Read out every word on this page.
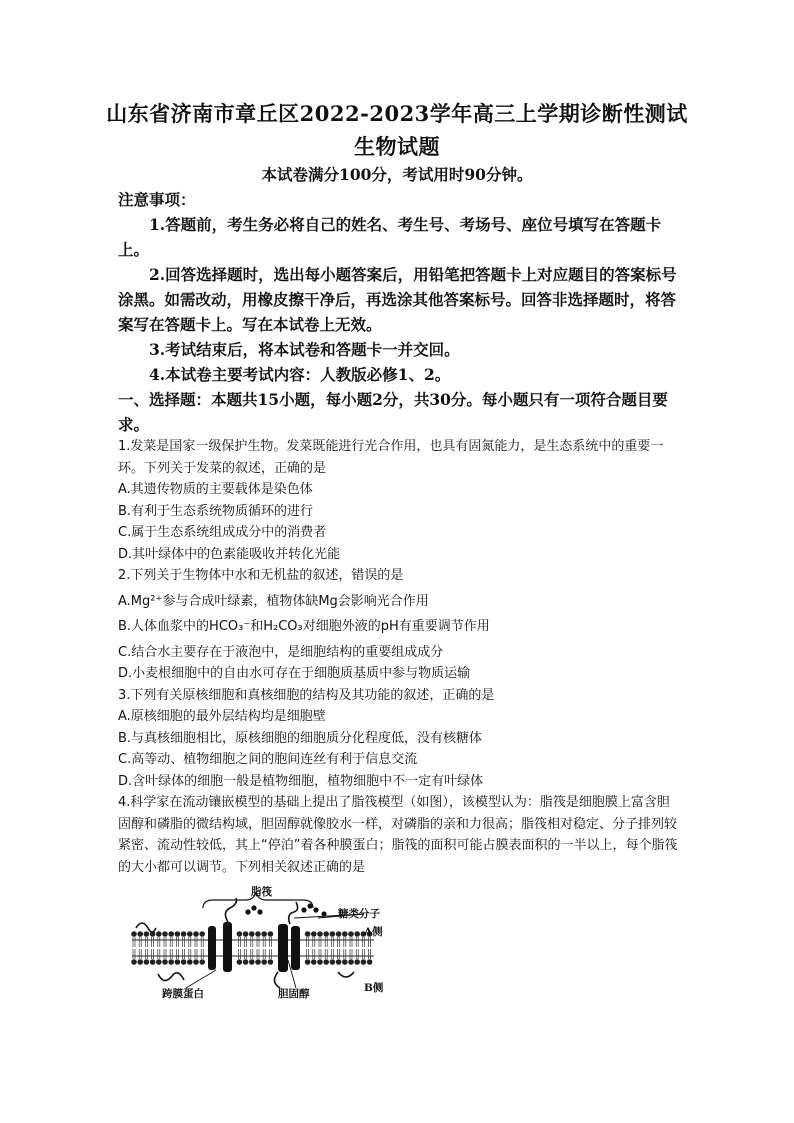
山东省济南市章丘区2022-2023学年高三上学期诊断性测试
生物试题
本试卷满分100分，考试用时90分钟。

注意事项：

1.答题前，考生务必将自己的姓名、考生号、考场号、座位号填写在答题卡上。

2.回答选择题时，选出每小题答案后，用铅笔把答题卡上对应题目的答案标号涂黑。如需改动，用橡皮擦干净后，再选涂其他答案标号。回答非选择题时，将答案写在答题卡上。写在本试卷上无效。

3.考试结束后，将本试卷和答题卡一并交回。

4.本试卷主要考试内容：人教版必修1、2。

一、选择题：本题共15小题，每小题2分，共30分。每小题只有一项符合题目要求。

1.发菜是国家一级保护生物。发菜既能进行光合作用，也具有固氮能力，是生态系统中的重要一环。下列关于发菜的叙述，正确的是

A.其遗传物质的主要载体是染色体

B.有利于生态系统物质循环的进行

C.属于生态系统组成成分中的消费者

D.其叶绿体中的色素能吸收并转化光能

2.下列关于生物体中水和无机盐的叙述，错误的是

A.Mg²⁺参与合成叶绿素，植物体缺Mg会影响光合作用

B.人体血浆中的HCO₃⁻和H₂CO₃对细胞外液的pH有重要调节作用

C.结合水主要存在于液泡中，是细胞结构的重要组成成分

D.小麦根细胞中的自由水可存在于细胞质基质中参与物质运输

3.下列有关原核细胞和真核细胞的结构及其功能的叙述，正确的是

A.原核细胞的最外层结构均是细胞壁

B.与真核细胞相比，原核细胞的细胞质分化程度低，没有核糖体

C.高等动、植物细胞之间的胞间连丝有利于信息交流

D.含叶绿体的细胞一般是植物细胞，植物细胞中不一定有叶绿体

4.科学家在流动镶嵌模型的基础上提出了脂筏模型（如图），该模型认为：脂筏是细胞膜上富含胆固醇和磷脂的微结构域，胆固醇就像胶水一样，对磷脂的亲和力很高；脂筏相对稳定、分子排列较紧密、流动性较低，其上“停泊”着各种膜蛋白；脂筏的面积可能占膜表面积的一半以上，每个脂筏的大小都可以调节。下列相关叙述正确的是

脂筏
糖类分子
A侧
跨膜蛋白	胆固醇	B侧
